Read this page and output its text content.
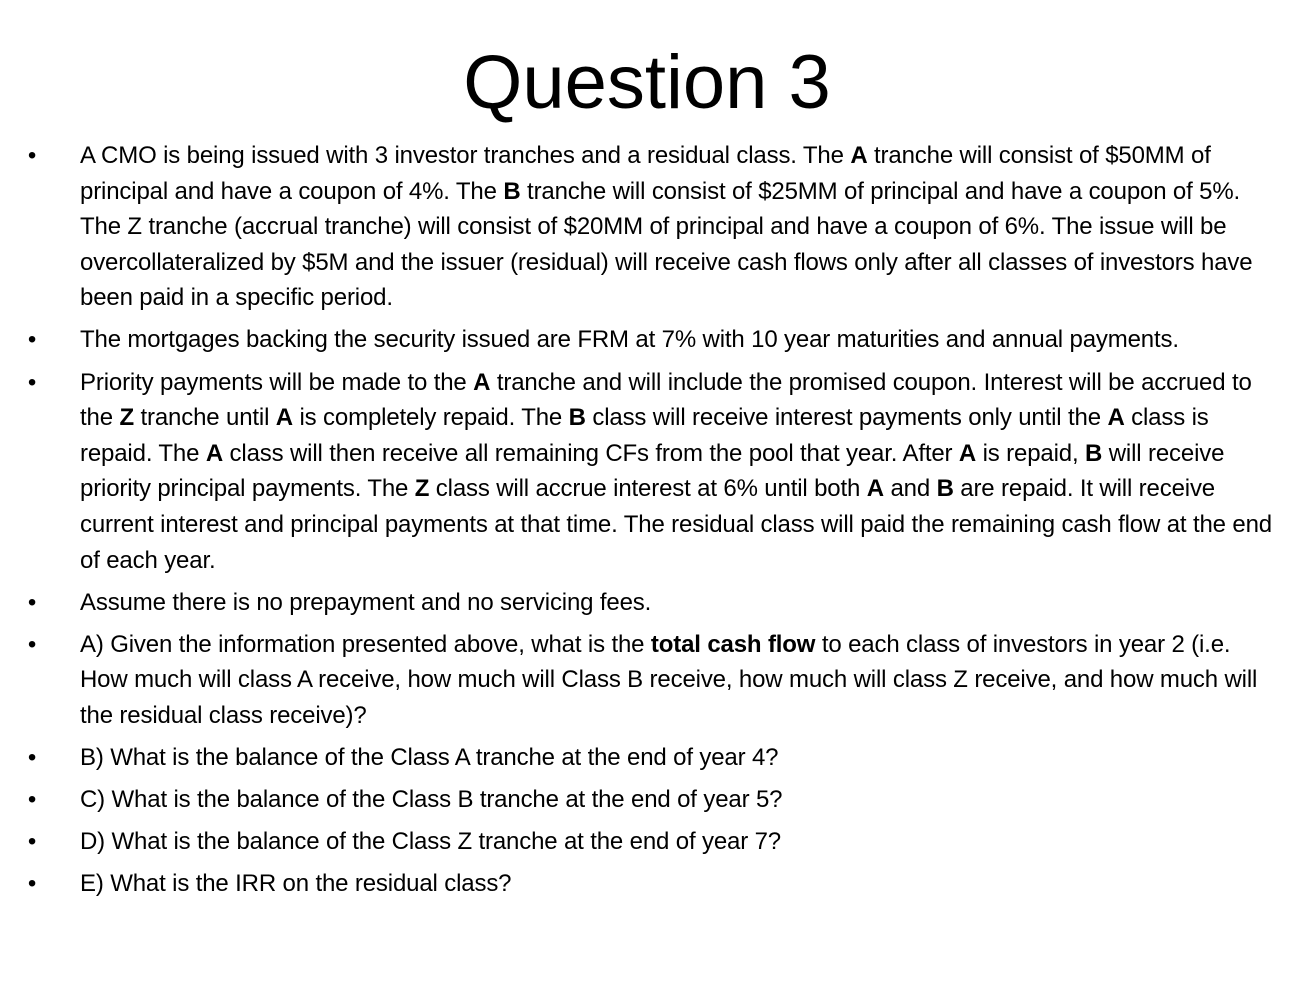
Question 3
• A CMO is being issued with 3 investor tranches and a residual class. The A tranche will consist of $50MM of principal and have a coupon of 4%. The B tranche will consist of $25MM of principal and have a coupon of 5%. The Z tranche (accrual tranche) will consist of $20MM of principal and have a coupon of 6%. The issue will be overcollateralized by $5M and the issuer (residual) will receive cash flows only after all classes of investors have been paid in a specific period.
• The mortgages backing the security issued are FRM at 7% with 10 year maturities and annual payments.
• Priority payments will be made to the A tranche and will include the promised coupon. Interest will be accrued to the Z tranche until A is completely repaid. The B class will receive interest payments only until the A class is repaid. The A class will then receive all remaining CFs from the pool that year. After A is repaid, B will receive priority principal payments. The Z class will accrue interest at 6% until both A and B are repaid. It will receive current interest and principal payments at that time. The residual class will paid the remaining cash flow at the end of each year.
• Assume there is no prepayment and no servicing fees.
• A) Given the information presented above, what is the total cash flow to each class of investors in year 2 (i.e. How much will class A receive, how much will Class B receive, how much will class Z receive, and how much will the residual class receive)?
• B) What is the balance of the Class A tranche at the end of year 4?
• C) What is the balance of the Class B tranche at the end of year 5?
• D) What is the balance of the Class Z tranche at the end of year 7?
• E) What is the IRR on the residual class?
